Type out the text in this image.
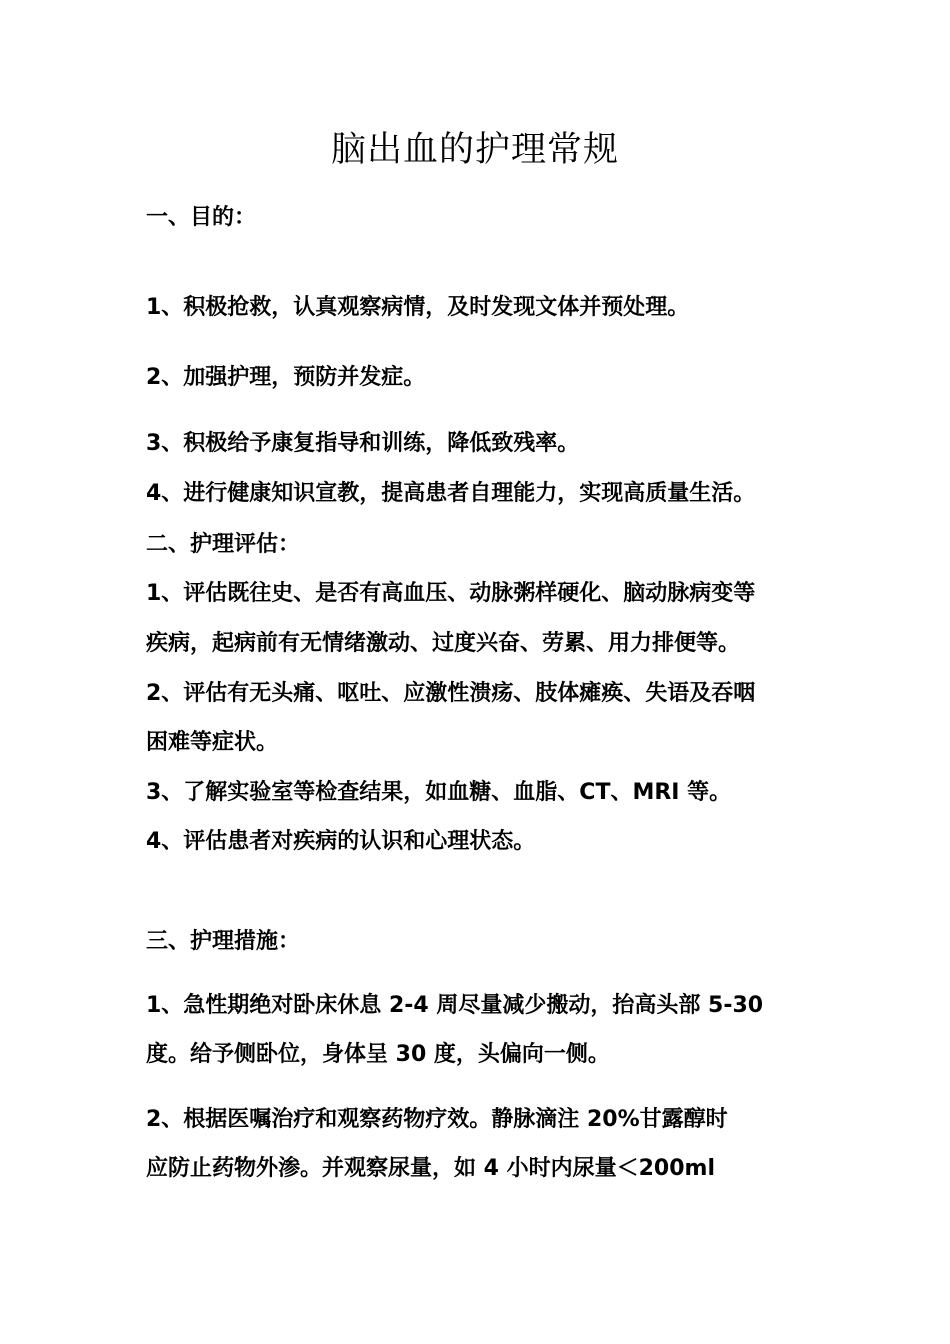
脑出血的护理常规
一、目的：
1、积极抢救，认真观察病情，及时发现文体并预处理。
2、加强护理，预防并发症。
3、积极给予康复指导和训练，降低致残率。
4、进行健康知识宣教，提高患者自理能力，实现高质量生活。
二、护理评估：
1、评估既往史、是否有高血压、动脉粥样硬化、脑动脉病变等
疾病，起病前有无情绪激动、过度兴奋、劳累、用力排便等。
2、评估有无头痛、呕吐、应激性溃疡、肢体瘫痪、失语及吞咽
困难等症状。
3、了解实验室等检查结果，如血糖、血脂、CT、MRI 等。
4、评估患者对疾病的认识和心理状态。
三、护理措施：
1、急性期绝对卧床休息 2-4 周尽量减少搬动，抬高头部 5-30
度。给予侧卧位，身体呈 30 度，头偏向一侧。
2、根据医嘱治疗和观察药物疗效。静脉滴注 20%甘露醇时
应防止药物外渗。并观察尿量，如 4 小时内尿量＜200ml
